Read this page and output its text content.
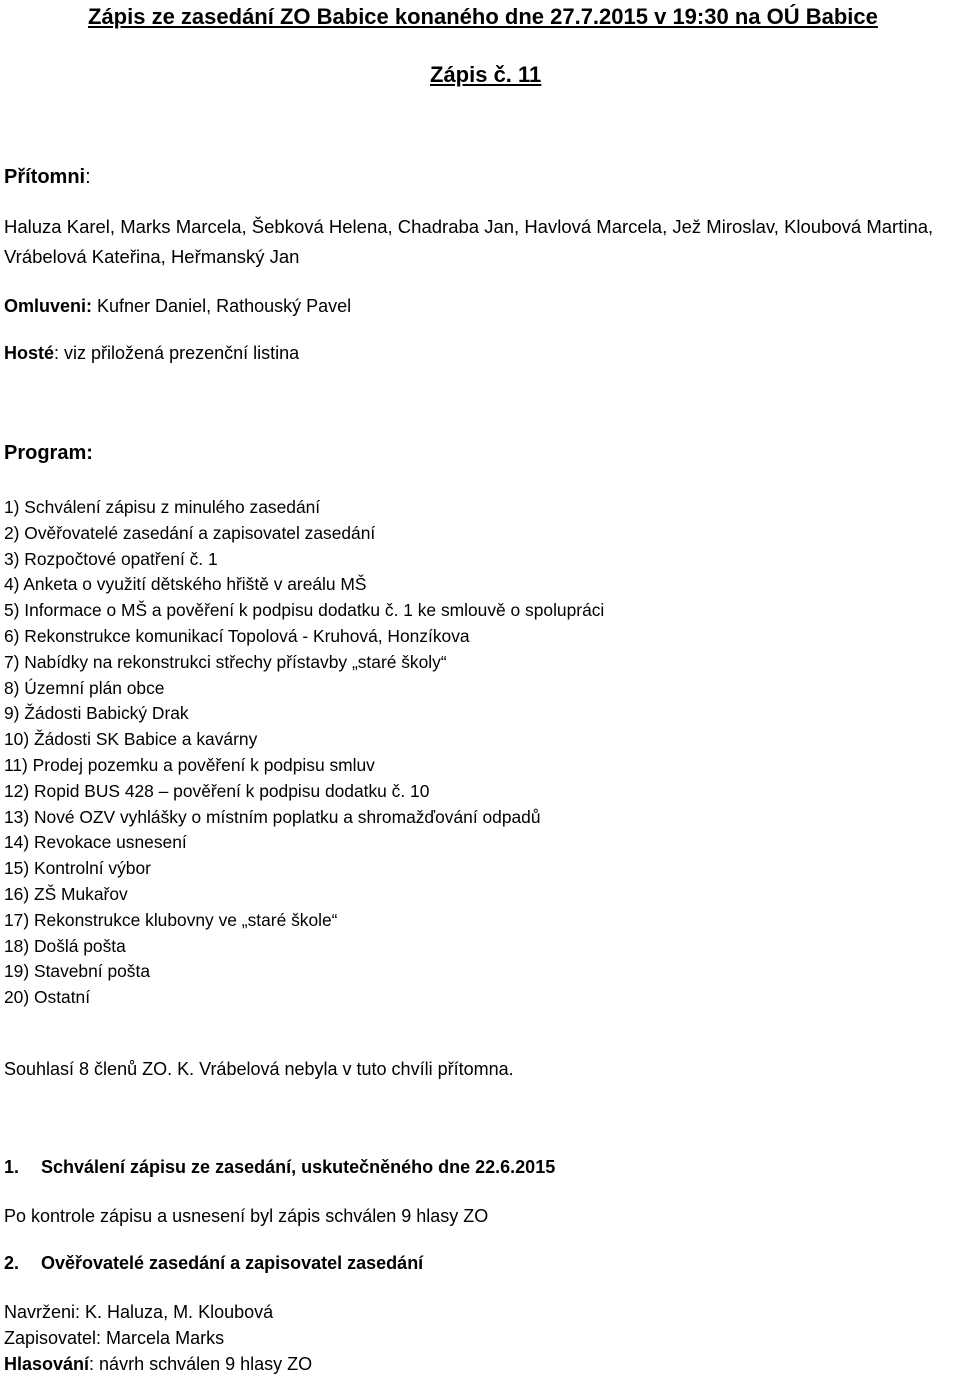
Zápis ze zasedání ZO Babice konaného dne 27.7.2015 v 19:30 na OÚ Babice
Zápis č. 11
Přítomni:
Haluza Karel, Marks Marcela, Šebková Helena, Chadraba Jan, Havlová Marcela, Jež Miroslav, Kloubová Martina,
Vrábelová Kateřina, Heřmanský Jan
Omluveni: Kufner Daniel, Rathouský Pavel
Hosté: viz přiložená prezenční listina
Program:
1) Schválení zápisu z minulého zasedání
2) Ověřovatelé zasedání a zapisovatel zasedání
3) Rozpočtové opatření č. 1
4) Anketa o využití dětského hřiště v areálu MŠ
5) Informace o MŠ a pověření k podpisu dodatku č. 1 ke smlouvě o spolupráci
6) Rekonstrukce komunikací Topolová - Kruhová, Honzíkova
7) Nabídky na rekonstrukci střechy přístavby „staré školy“
8) Územní plán obce
9) Žádosti Babický Drak
10) Žádosti SK Babice a kavárny
11) Prodej pozemku a pověření k podpisu smluv
12) Ropid BUS 428 – pověření k podpisu dodatku č. 10
13) Nové OZV vyhlášky o místním poplatku a shromažďování odpadů
14) Revokace usnesení
15) Kontrolní výbor
16) ZŠ Mukařov
17) Rekonstrukce klubovny ve „staré škole“
18) Došlá pošta
19) Stavební pošta
20) Ostatní
Souhlasí 8 členů ZO. K. Vrábelová nebyla v tuto chvíli přítomna.
1. Schválení zápisu ze zasedání, uskutečněného dne 22.6.2015
Po kontrole zápisu a usnesení byl zápis schválen 9 hlasy ZO
2. Ověřovatelé zasedání a zapisovatel zasedání
Navrženi: K. Haluza, M. Kloubová
Zapisovatel: Marcela Marks
Hlasování: návrh schválen 9 hlasy ZO
